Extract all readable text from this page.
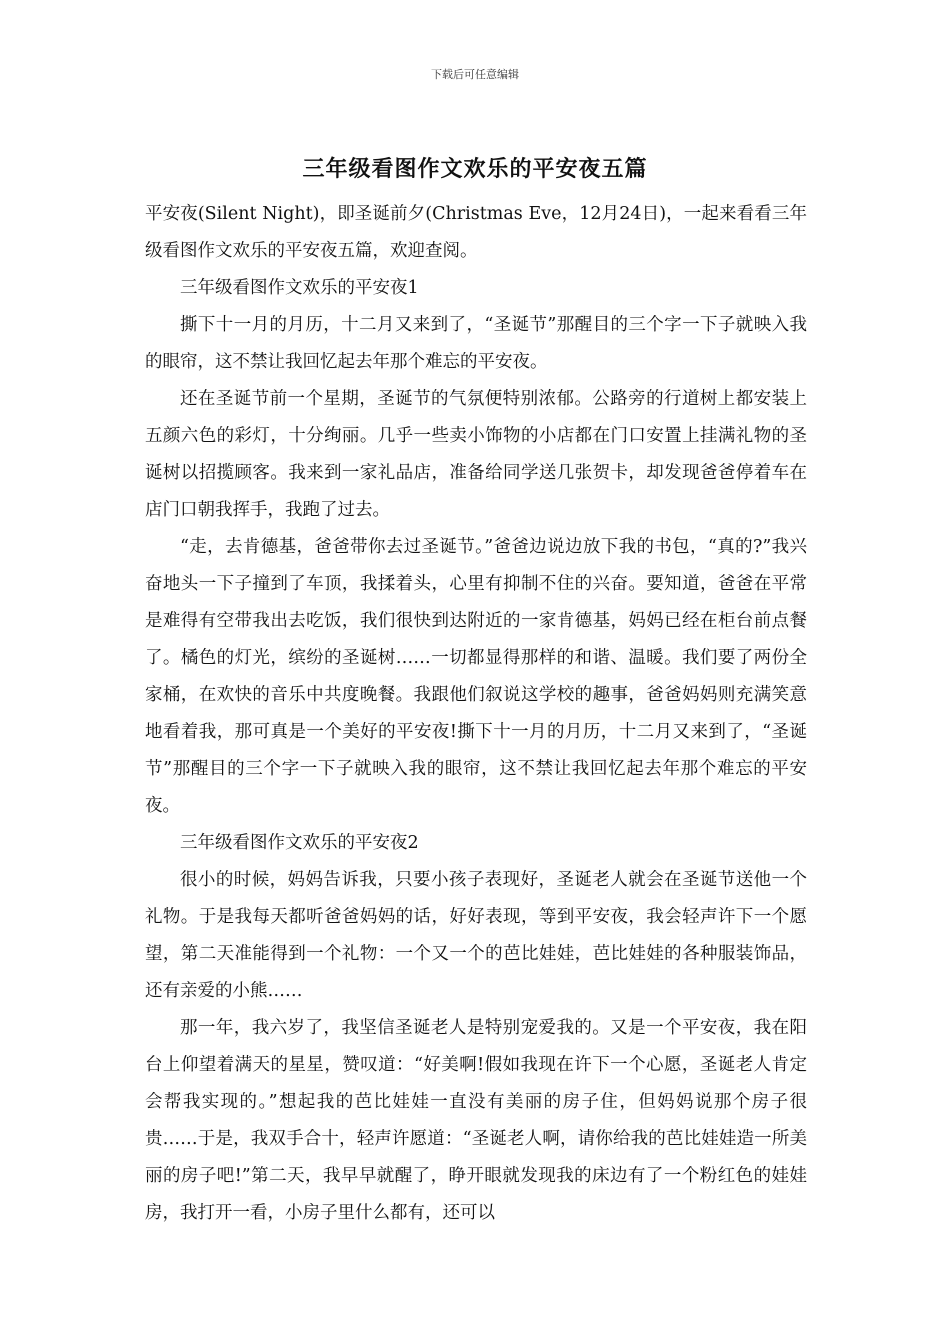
下载后可任意编辑
三年级看图作文欢乐的平安夜五篇

平安夜(Silent Night)，即圣诞前夕(Christmas Eve，12月24日)，一起来看看三年级看图作文欢乐的平安夜五篇，欢迎查阅。

三年级看图作文欢乐的平安夜1

撕下十一月的月历，十二月又来到了，“圣诞节”那醒目的三个字一下子就映入我的眼帘，这不禁让我回忆起去年那个难忘的平安夜。

还在圣诞节前一个星期，圣诞节的气氛便特别浓郁。公路旁的行道树上都安装上五颜六色的彩灯，十分绚丽。几乎一些卖小饰物的小店都在门口安置上挂满礼物的圣诞树以招揽顾客。我来到一家礼品店，准备给同学送几张贺卡，却发现爸爸停着车在店门口朝我挥手，我跑了过去。

“走，去肯德基，爸爸带你去过圣诞节。”爸爸边说边放下我的书包，“真的?”我兴奋地头一下子撞到了车顶，我揉着头，心里有抑制不住的兴奋。要知道，爸爸在平常是难得有空带我出去吃饭，我们很快到达附近的一家肯德基，妈妈已经在柜台前点餐了。橘色的灯光，缤纷的圣诞树……一切都显得那样的和谐、温暖。我们要了两份全家桶，在欢快的音乐中共度晚餐。我跟他们叙说这学校的趣事，爸爸妈妈则充满笑意地看着我，那可真是一个美好的平安夜!撕下十一月的月历，十二月又来到了，“圣诞节”那醒目的三个字一下子就映入我的眼帘，这不禁让我回忆起去年那个难忘的平安夜。

三年级看图作文欢乐的平安夜2

很小的时候，妈妈告诉我，只要小孩子表现好，圣诞老人就会在圣诞节送他一个礼物。于是我每天都听爸爸妈妈的话，好好表现，等到平安夜，我会轻声许下一个愿望，第二天准能得到一个礼物：一个又一个的芭比娃娃，芭比娃娃的各种服装饰品，还有亲爱的小熊……

那一年，我六岁了，我坚信圣诞老人是特别宠爱我的。又是一个平安夜，我在阳台上仰望着满天的星星，赞叹道：“好美啊!假如我现在许下一个心愿，圣诞老人肯定会帮我实现的。”想起我的芭比娃娃一直没有美丽的房子住，但妈妈说那个房子很贵……于是，我双手合十，轻声许愿道：“圣诞老人啊，请你给我的芭比娃娃造一所美丽的房子吧!”第二天，我早早就醒了，睁开眼就发现我的床边有了一个粉红色的娃娃房，我打开一看，小房子里什么都有，还可以
